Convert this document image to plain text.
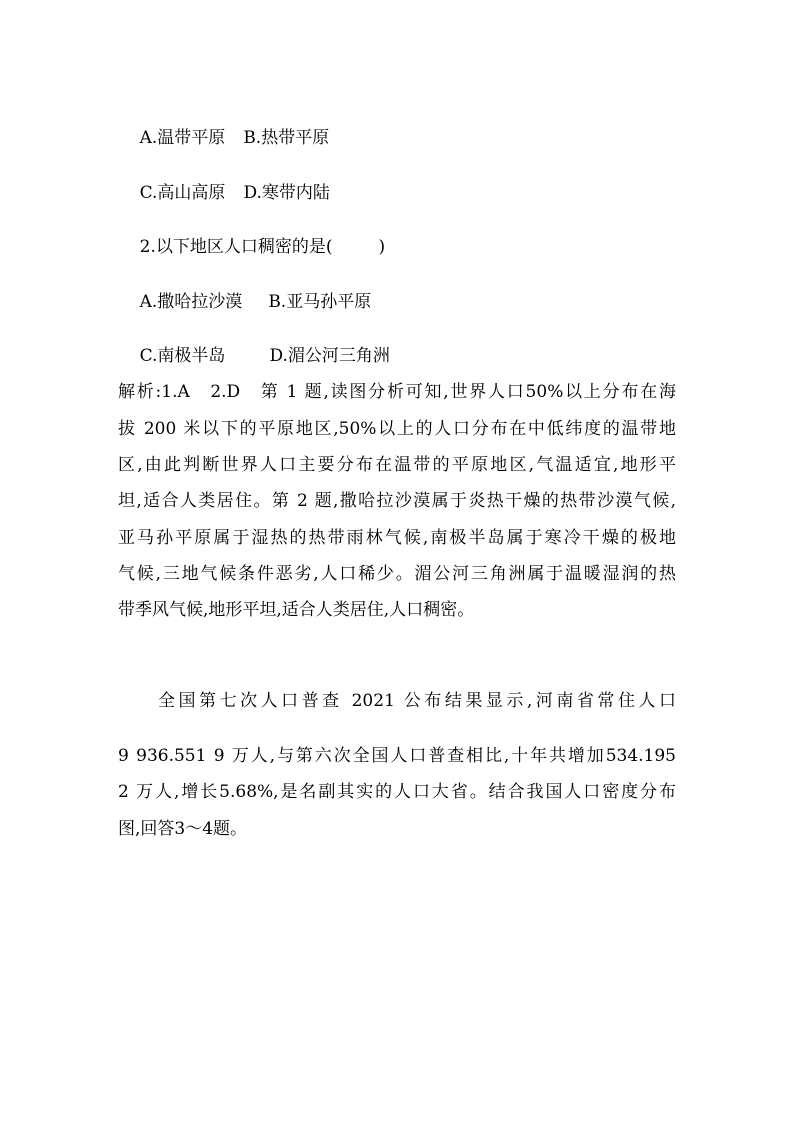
A.温带平原 B.热带平原

C.高山高原 D.寒带内陆

2.以下地区人口稠密的是(	)

A.撒哈拉沙漠 B.亚马孙平原

C.南极半岛	D.湄公河三角洲

解析:1.A　2.D　第 1 题,读图分析可知,世界人口50%以上分布在海
拔 200 米以下的平原地区,50%以上的人口分布在中低纬度的温带地
区,由此判断世界人口主要分布在温带的平原地区,气温适宜,地形平
坦,适合人类居住。第 2 题,撒哈拉沙漠属于炎热干燥的热带沙漠气候,
亚马孙平原属于湿热的热带雨林气候,南极半岛属于寒冷干燥的极地
气候,三地气候条件恶劣,人口稀少。湄公河三角洲属于温暖湿润的热
带季风气候,地形平坦,适合人类居住,人口稠密。
全国第七次人口普查 2021 公布结果显示,河南省常住人口
9 936.551 9 万人,与第六次全国人口普查相比,十年共增加534.195
2 万人,增长5.68%,是名副其实的人口大省。结合我国人口密度分布
图,回答3～4题。
